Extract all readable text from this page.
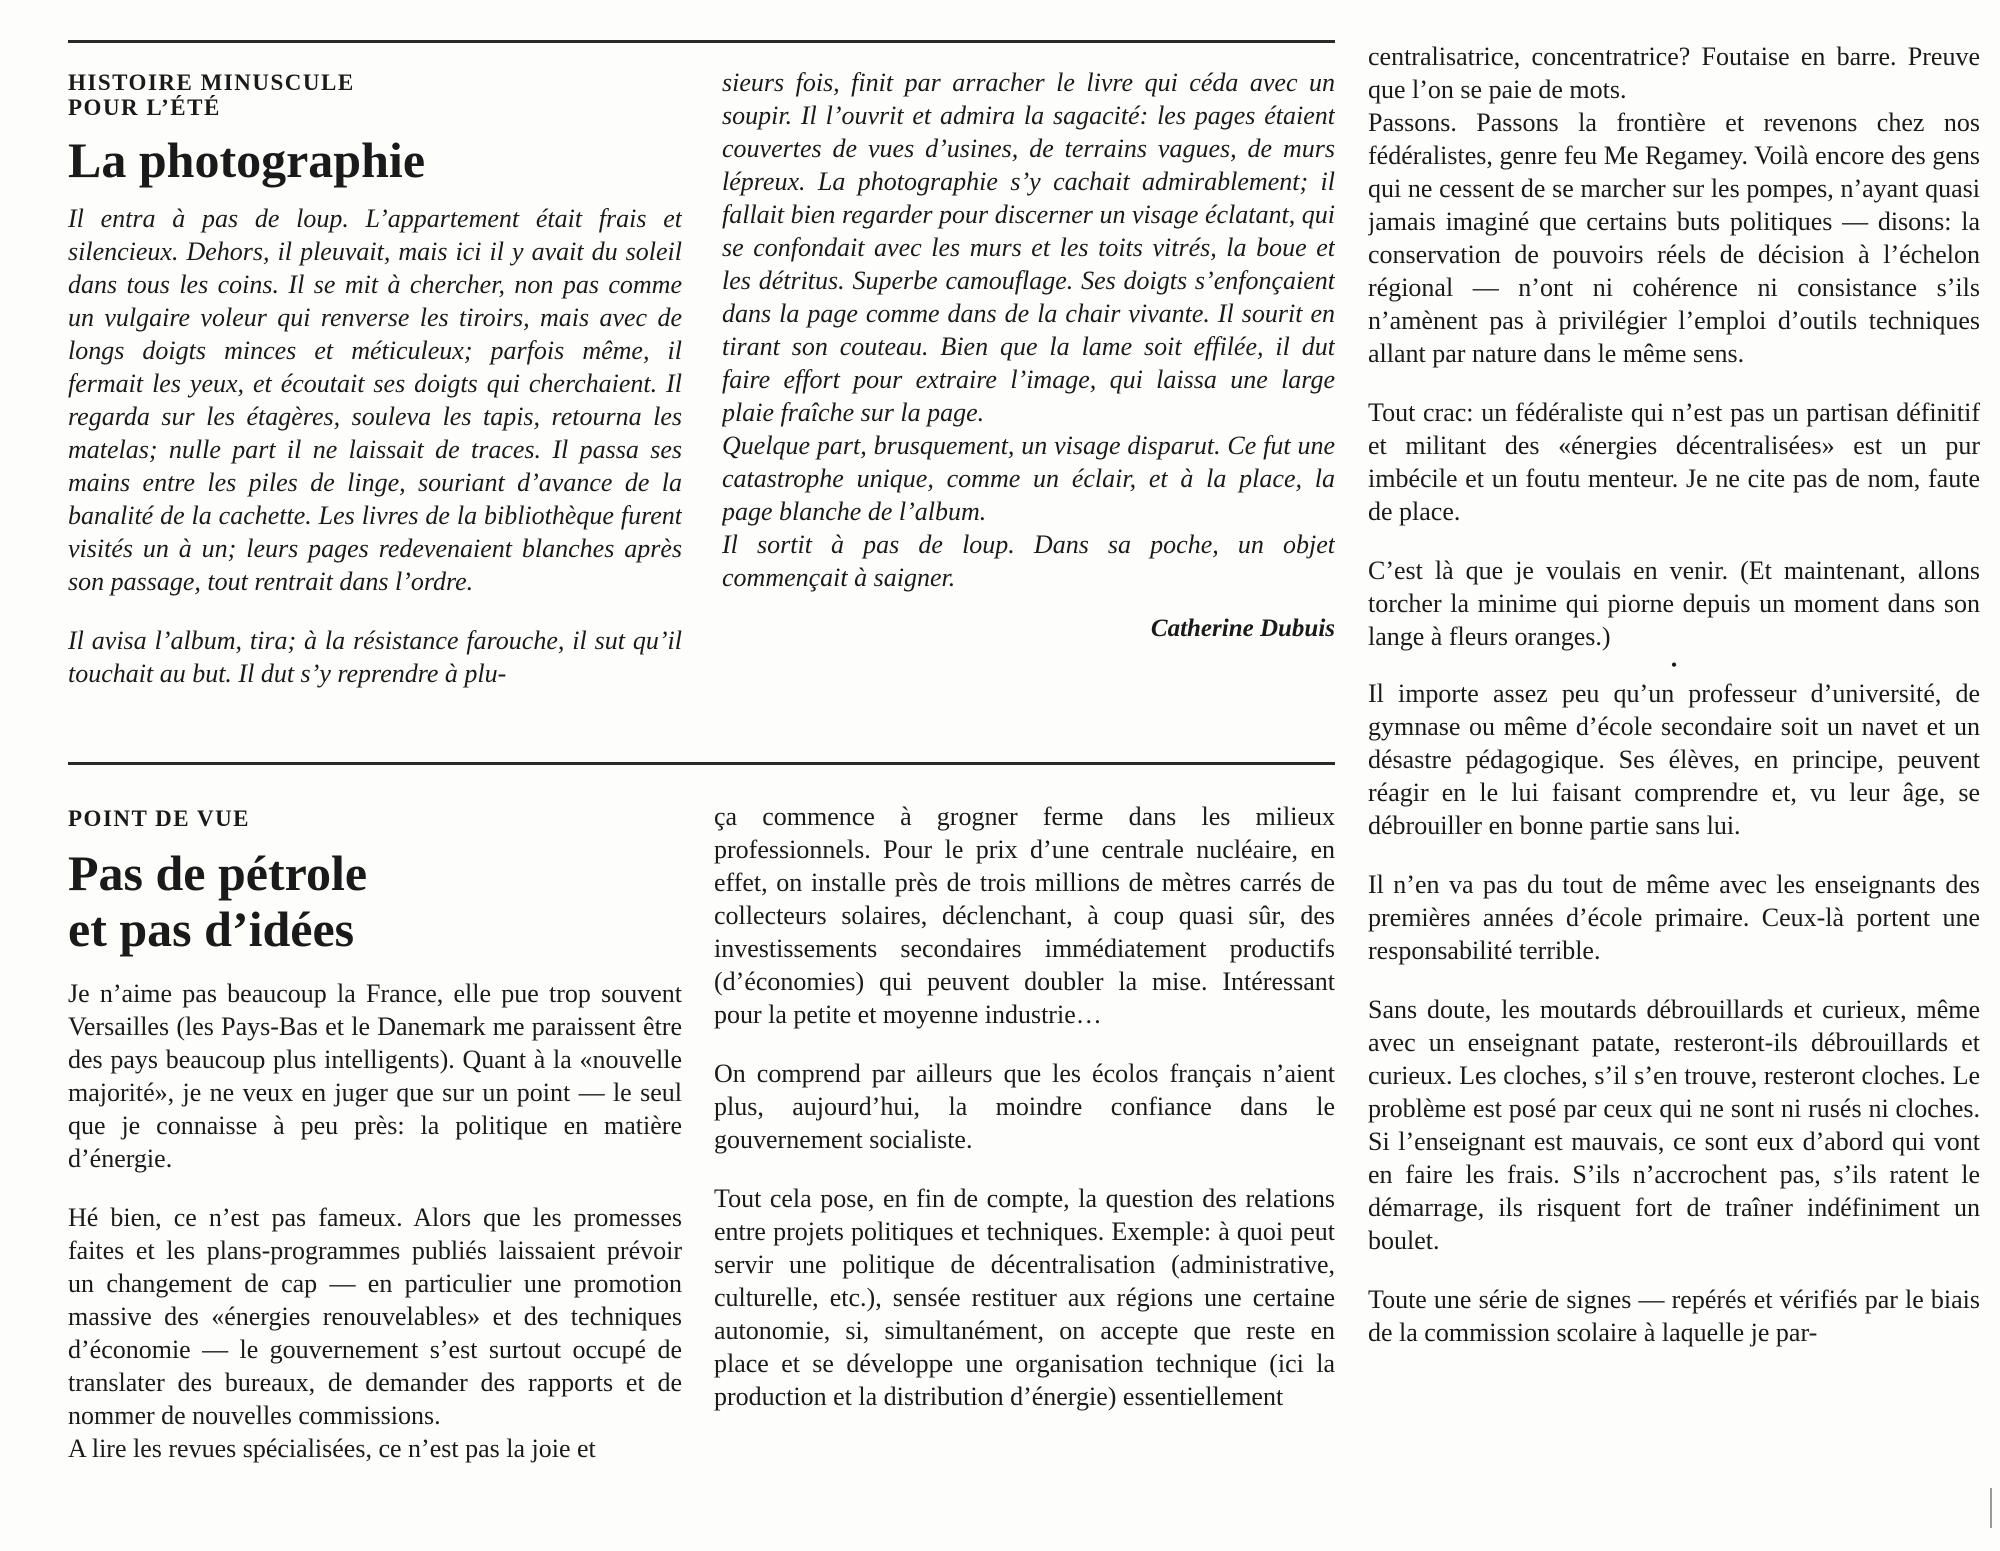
HISTOIRE MINUSCULE

POUR L’ÉTÉ

La photographie

Il entra à pas de loup. L’appartement était frais et silencieux. Dehors, il pleuvait, mais ici il y avait du soleil dans tous les coins. Il se mit à chercher, non pas comme un vulgaire voleur qui renverse les tiroirs, mais avec de longs doigts minces et méticuleux; parfois même, il fermait les yeux, et écoutait ses doigts qui cherchaient. Il regarda sur les étagères, souleva les tapis, retourna les matelas; nulle part il ne laissait de traces. Il passa ses mains entre les piles de linge, souriant d’avance de la banalité de la cachette. Les livres de la bibliothèque furent visités un à un; leurs pages redevenaient blanches après son passage, tout rentrait dans l’ordre.

Il avisa l’album, tira; à la résistance farouche, il sut qu’il touchait au but. Il dut s’y reprendre à plu-

sieurs fois, finit par arracher le livre qui céda avec un soupir. Il l’ouvrit et admira la sagacité: les pages étaient couvertes de vues d’usines, de terrains vagues, de murs lépreux. La photographie s’y cachait admirablement; il fallait bien regarder pour discerner un visage éclatant, qui se confondait avec les murs et les toits vitrés, la boue et les détritus. Superbe camouflage. Ses doigts s’enfonçaient dans la page comme dans de la chair vivante. Il sourit en tirant son couteau. Bien que la lame soit effilée, il dut faire effort pour extraire l’image, qui laissa une large plaie fraîche sur la page.

Quelque part, brusquement, un visage disparut. Ce fut une catastrophe unique, comme un éclair, et à la place, la page blanche de l’album.

Il sortit à pas de loup. Dans sa poche, un objet commençait à saigner.

Catherine Dubuis

POINT DE VUE

Pas de pétrole
et pas d’idées

Je n’aime pas beaucoup la France, elle pue trop souvent Versailles (les Pays-Bas et le Danemark me paraissent être des pays beaucoup plus intelligents). Quant à la «nouvelle majorité», je ne veux en juger que sur un point — le seul que je connaisse à peu près: la politique en matière d’énergie.

Hé bien, ce n’est pas fameux. Alors que les promesses faites et les plans-programmes publiés laissaient prévoir un changement de cap — en particulier une promotion massive des «énergies renouvelables» et des techniques d’économie — le gouvernement s’est surtout occupé de translater des bureaux, de demander des rapports et de nommer de nouvelles commissions.

A lire les revues spécialisées, ce n’est pas la joie et

ça commence à grogner ferme dans les milieux professionnels. Pour le prix d’une centrale nucléaire, en effet, on installe près de trois millions de mètres carrés de collecteurs solaires, déclenchant, à coup quasi sûr, des investissements secondaires immédiatement productifs (d’économies) qui peuvent doubler la mise. Intéressant pour la petite et moyenne industrie…

On comprend par ailleurs que les écolos français n’aient plus, aujourd’hui, la moindre confiance dans le gouvernement socialiste.

Tout cela pose, en fin de compte, la question des relations entre projets politiques et techniques. Exemple: à quoi peut servir une politique de décentralisation (administrative, culturelle, etc.), sensée restituer aux régions une certaine autonomie, si, simultanément, on accepte que reste en place et se développe une organisation technique (ici la production et la distribution d’énergie) essentiellement

centralisatrice, concentratrice? Foutaise en barre. Preuve que l’on se paie de mots.

Passons. Passons la frontière et revenons chez nos fédéralistes, genre feu Me Regamey. Voilà encore des gens qui ne cessent de se marcher sur les pompes, n’ayant quasi jamais imaginé que certains buts politiques — disons: la conservation de pouvoirs réels de décision à l’échelon régional — n’ont ni cohérence ni consistance s’ils n’amènent pas à privilégier l’emploi d’outils techniques allant par nature dans le même sens.

Tout crac: un fédéraliste qui n’est pas un partisan définitif et militant des «énergies décentralisées» est un pur imbécile et un foutu menteur. Je ne cite pas de nom, faute de place.

C’est là que je voulais en venir. (Et maintenant, allons torcher la minime qui piorne depuis un moment dans son lange à fleurs oranges.)

•

Il importe assez peu qu’un professeur d’université, de gymnase ou même d’école secondaire soit un navet et un désastre pédagogique. Ses élèves, en principe, peuvent réagir en le lui faisant comprendre et, vu leur âge, se débrouiller en bonne partie sans lui.

Il n’en va pas du tout de même avec les enseignants des premières années d’école primaire. Ceux-là portent une responsabilité terrible.

Sans doute, les moutards débrouillards et curieux, même avec un enseignant patate, resteront-ils débrouillards et curieux. Les cloches, s’il s’en trouve, resteront cloches. Le problème est posé par ceux qui ne sont ni rusés ni cloches. Si l’enseignant est mauvais, ce sont eux d’abord qui vont en faire les frais. S’ils n’accrochent pas, s’ils ratent le démarrage, ils risquent fort de traîner indéfiniment un boulet.

Toute une série de signes — repérés et vérifiés par le biais de la commission scolaire à laquelle je par-
